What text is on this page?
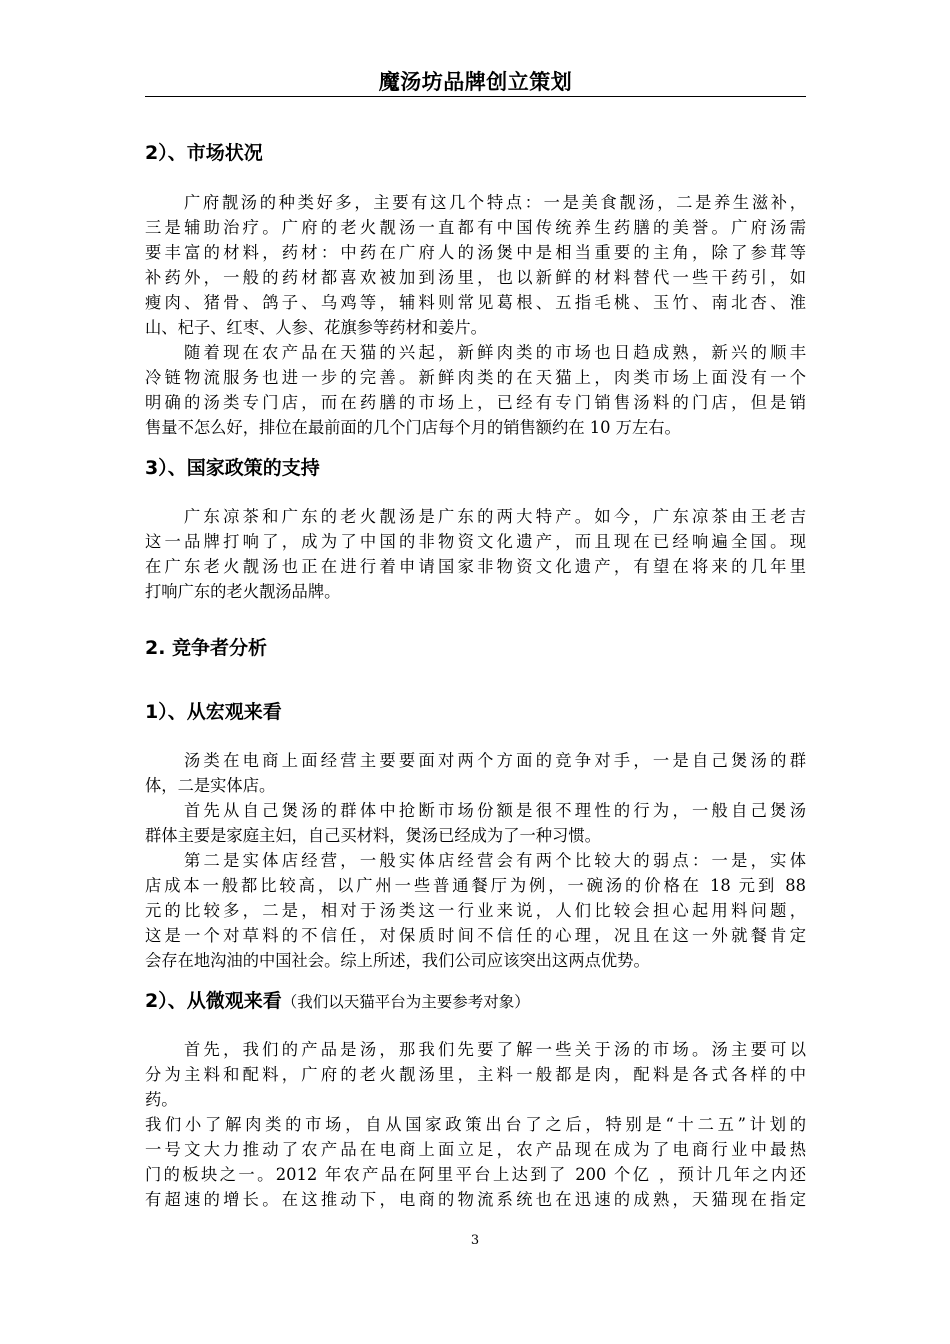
魔汤坊品牌创立策划
2）、市场状况
广府靓汤的种类好多，主要有这几个特点：一是美食靓汤，二是养生滋补，
三是辅助治疗。广府的老火靓汤一直都有中国传统养生药膳的美誉。广府汤需
要丰富的材料，药材：中药在广府人的汤煲中是相当重要的主角，除了参茸等
补药外，一般的药材都喜欢被加到汤里，也以新鲜的材料替代一些干药引，如
瘦肉、猪骨、鸽子、乌鸡等，辅料则常见葛根、五指毛桃、玉竹、南北杏、淮
山、杞子、红枣、人参、花旗参等药材和姜片。
随着现在农产品在天猫的兴起，新鲜肉类的市场也日趋成熟，新兴的顺丰
冷链物流服务也进一步的完善。新鲜肉类的在天猫上，肉类市场上面没有一个
明确的汤类专门店，而在药膳的市场上，已经有专门销售汤料的门店，但是销
售量不怎么好，排位在最前面的几个门店每个月的销售额约在 10 万左右。
3）、国家政策的支持
广东凉茶和广东的老火靓汤是广东的两大特产。如今，广东凉茶由王老吉
这一品牌打响了，成为了中国的非物资文化遗产，而且现在已经响遍全国。现
在广东老火靓汤也正在进行着申请国家非物资文化遗产，有望在将来的几年里
打响广东的老火靓汤品牌。
2. 竞争者分析
1）、从宏观来看
汤类在电商上面经营主要要面对两个方面的竞争对手，一是自己煲汤的群
体，二是实体店。
首先从自己煲汤的群体中抢断市场份额是很不理性的行为，一般自己煲汤
群体主要是家庭主妇，自己买材料，煲汤已经成为了一种习惯。
第二是实体店经营，一般实体店经营会有两个比较大的弱点：一是，实体
店成本一般都比较高，以广州一些普通餐厅为例，一碗汤的价格在 18 元到 88
元的比较多，二是，相对于汤类这一行业来说，人们比较会担心起用料问题，
这是一个对草料的不信任，对保质时间不信任的心理，况且在这一外就餐肯定
会存在地沟油的中国社会。综上所述，我们公司应该突出这两点优势。
2）、从微观来看（我们以天猫平台为主要参考对象）
首先，我们的产品是汤，那我们先要了解一些关于汤的市场。汤主要可以
分为主料和配料，广府的老火靓汤里，主料一般都是肉，配料是各式各样的中
药。
我们小了解肉类的市场，自从国家政策出台了之后，特别是“十二五”计划的
一号文大力推动了农产品在电商上面立足，农产品现在成为了电商行业中最热
门的板块之一。2012 年农产品在阿里平台上达到了 200 个亿 ，预计几年之内还
有超速的增长。在这推动下，电商的物流系统也在迅速的成熟，天猫现在指定
3
